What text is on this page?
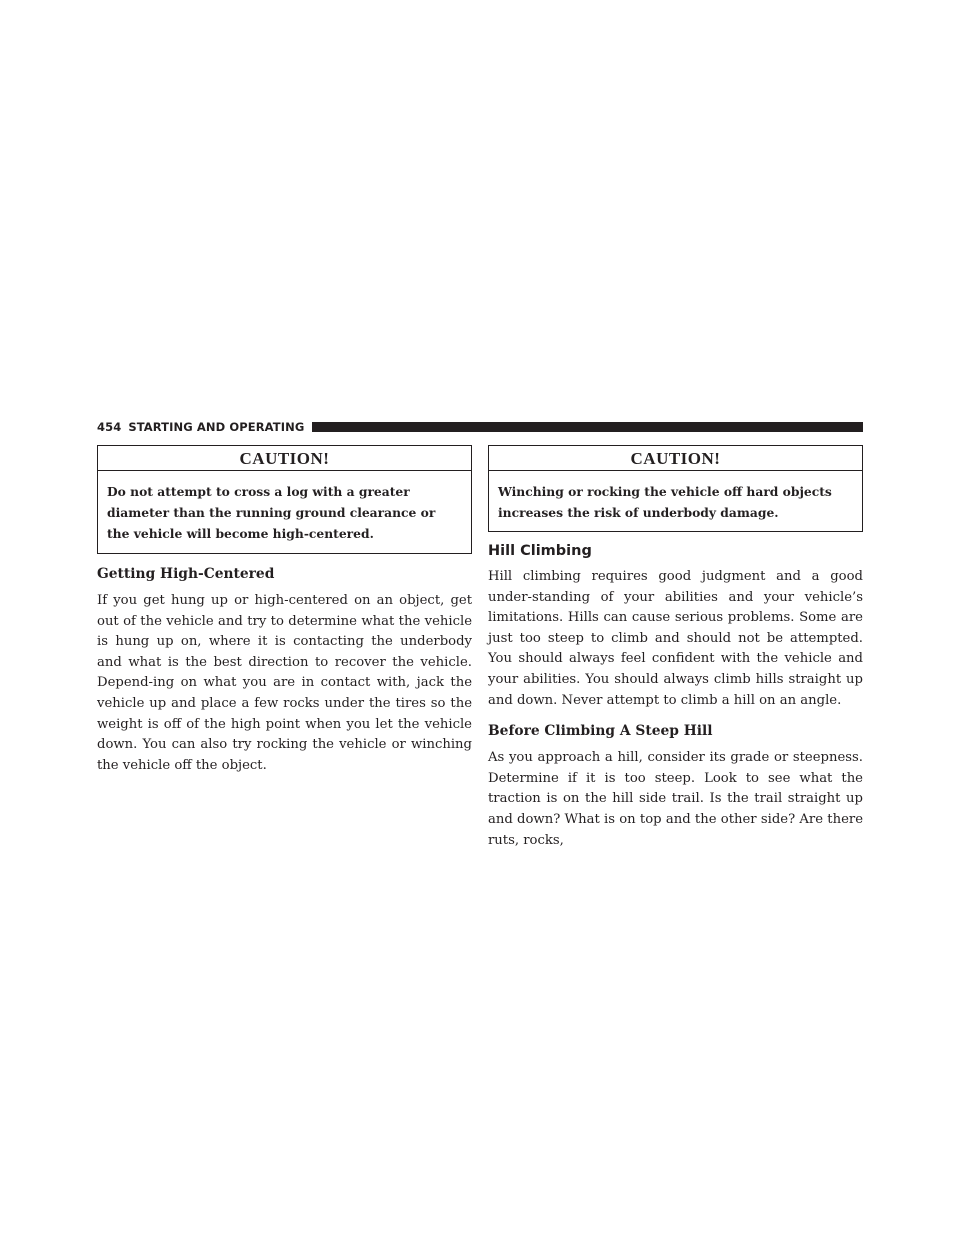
454 STARTING AND OPERATING
CAUTION!
Do not attempt to cross a log with a greater diameter than the running ground clearance or the vehicle will become high-centered.
Getting High-Centered

If you get hung up or high-centered on an object, get out of the vehicle and try to determine what the vehicle is hung up on, where it is contacting the underbody and what is the best direction to recover the vehicle. Depend-ing on what you are in contact with, jack the vehicle up and place a few rocks under the tires so the weight is off of the high point when you let the vehicle down. You can also try rocking the vehicle or winching the vehicle off the object.

CAUTION!
Winching or rocking the vehicle off hard objects increases the risk of underbody damage.
Hill Climbing

Hill climbing requires good judgment and a good under-standing of your abilities and your vehicle’s limitations. Hills can cause serious problems. Some are just too steep to climb and should not be attempted. You should always feel confident with the vehicle and your abilities. You should always climb hills straight up and down. Never attempt to climb a hill on an angle.

Before Climbing A Steep Hill

As you approach a hill, consider its grade or steepness. Determine if it is too steep. Look to see what the traction is on the hill side trail. Is the trail straight up and down? What is on top and the other side? Are there ruts, rocks,
